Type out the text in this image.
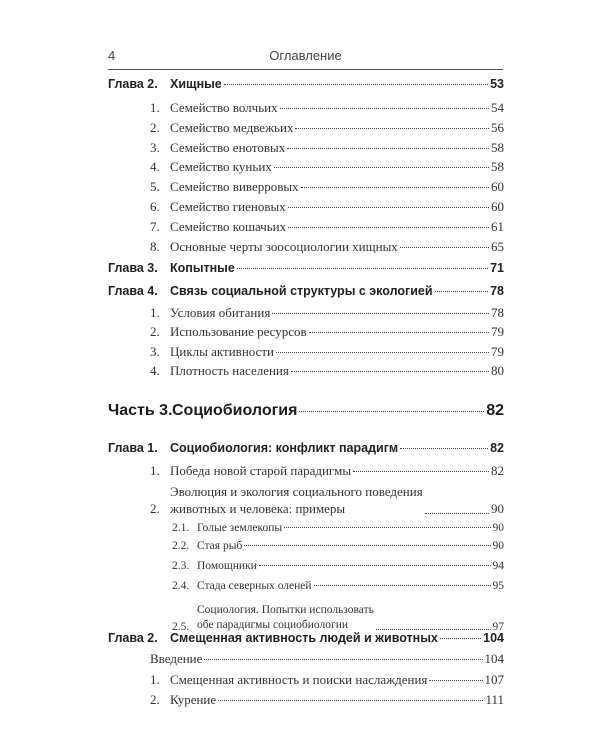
4	Оглавление
Глава 2. Хищные	53
1. Семейство волчьих	54
2. Семейство медвежьих	56
3. Семейство енотовых	58
4. Семейство куньих	58
5. Семейство виверровых	60
6. Семейство гиеновых	60
7. Семейство кошачьих	61
8. Основные черты зоосоциологии хищных	65
Глава 3. Копытные	71
Глава 4. Связь социальной структуры с экологией	78
1. Условия обитания	78
2. Использование ресурсов	79
3. Циклы активности	79
4. Плотность населения	80
Часть 3. Социобиология	82
Глава 1. Социобиология: конфликт парадигм	82
1. Победа новой старой парадигмы	82
2.
Эволюция и экология социального поведения
животных и человека: примеры	90
2.1. Голые землекопы	90
2.2. Стая рыб	90
2.3. Помощники	94
2.4. Стада северных оленей	95
2.5.
Социология. Попытки использовать
обе парадигмы социобиологии	97
Глава 2. Смещенная активность людей и животных	104
Введение	104
1. Смещенная активность и поиски наслаждения	107
2. Курение	111
